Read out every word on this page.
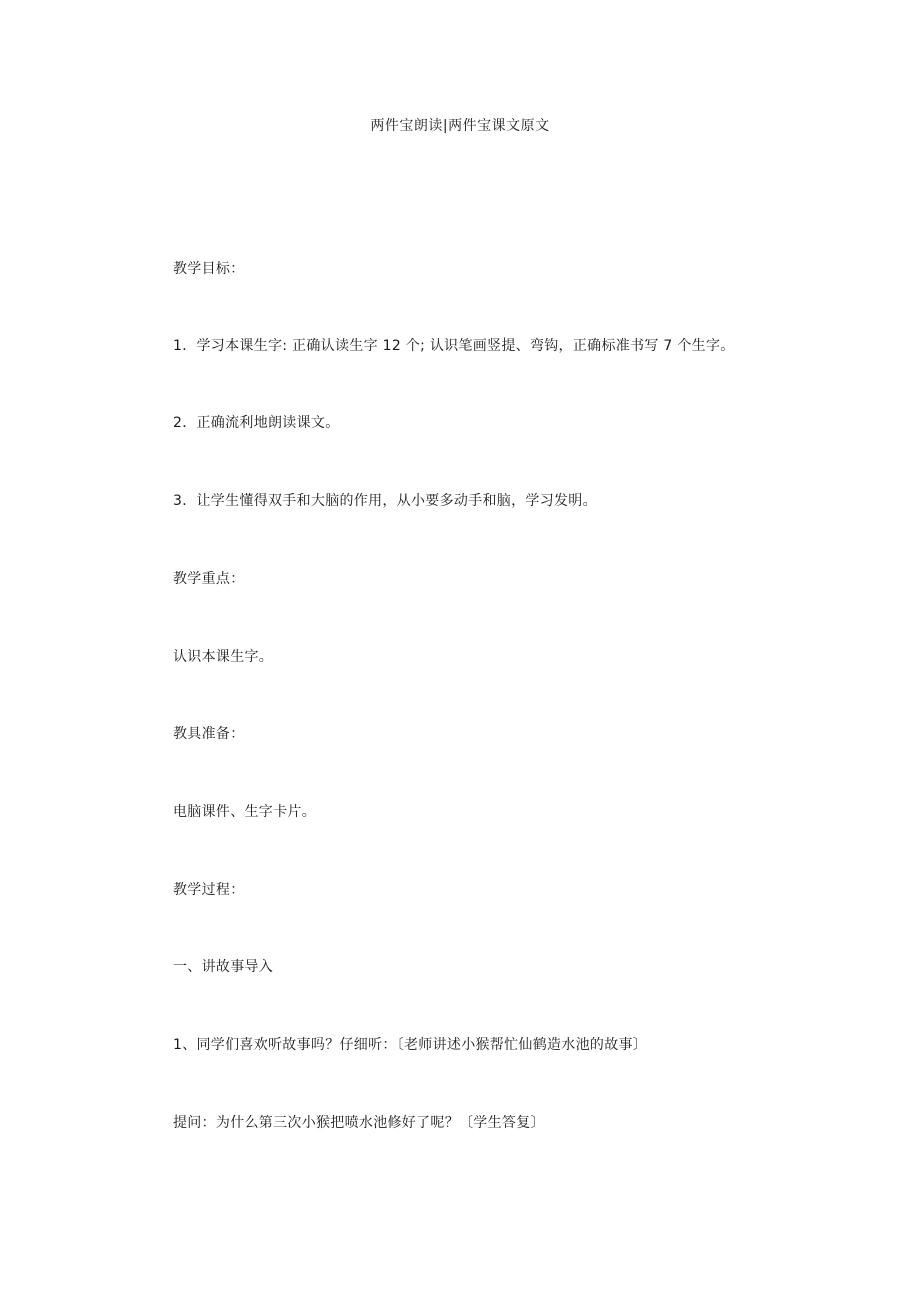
两件宝朗读|两件宝课文原文
教学目标：
1．学习本课生字: 正确认读生字 12 个; 认识笔画竖提、弯钩，正确标准书写 7 个生字。
2．正确流利地朗读课文。
3．让学生懂得双手和大脑的作用，从小要多动手和脑，学习发明。
教学重点：
认识本课生字。
教具准备：
电脑课件、生字卡片。
教学过程：
一、讲故事导入
1、同学们喜欢听故事吗？仔细听：〔老师讲述小猴帮忙仙鹤造水池的故事〕
提问：为什么第三次小猴把喷水池修好了呢？〔学生答复〕
